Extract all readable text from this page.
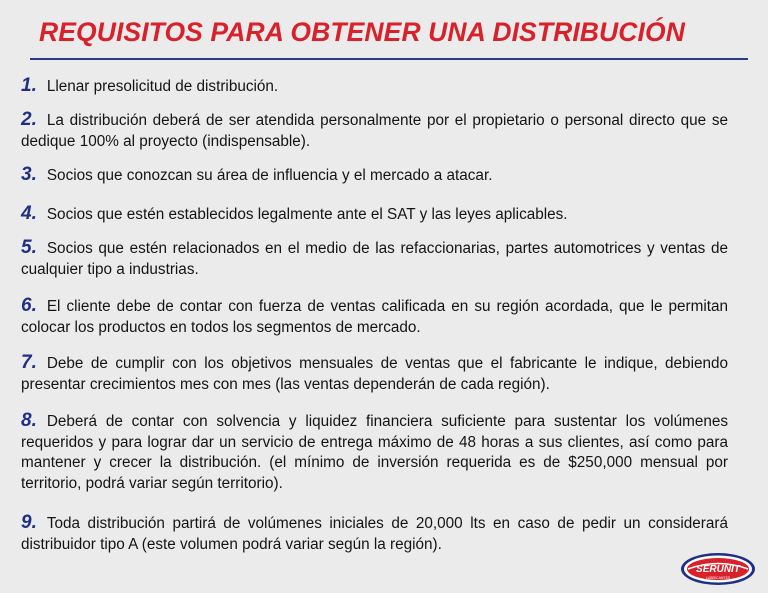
REQUISITOS PARA OBTENER UNA DISTRIBUCIÓN

1. Llenar presolicitud de distribución.

2. La distribución deberá de ser atendida personalmente por el propietario o personal directo que se dedique 100% al proyecto (indispensable).

3. Socios que conozcan su área de influencia y el mercado a atacar.

4. Socios que estén establecidos legalmente ante el SAT y las leyes aplicables.

5. Socios que estén relacionados en el medio de las refaccionarias, partes automotrices y ventas de cualquier tipo a industrias.

6. El cliente debe de contar con fuerza de ventas calificada en su región acordada, que le permitan colocar los productos en todos los segmentos de mercado.

7. Debe de cumplir con los objetivos mensuales de ventas que el fabricante le indique, debiendo presentar crecimientos mes con mes (las ventas dependerán de cada región).

8. Deberá de contar con solvencia y liquidez financiera suficiente para sustentar los volúmenes requeridos y para lograr dar un servicio de entrega máximo de 48 horas a sus clientes, así como para mantener y crecer la distribución. (el mínimo de inversión requerida es de $250,000 mensual por territorio, podrá variar según territorio).

9. Toda distribución partirá de volúmenes iniciales de 20,000 lts en caso de pedir un considerará distribuidor tipo A (este volumen podrá variar según la región).

SERUNIT
LUBRICANTES
